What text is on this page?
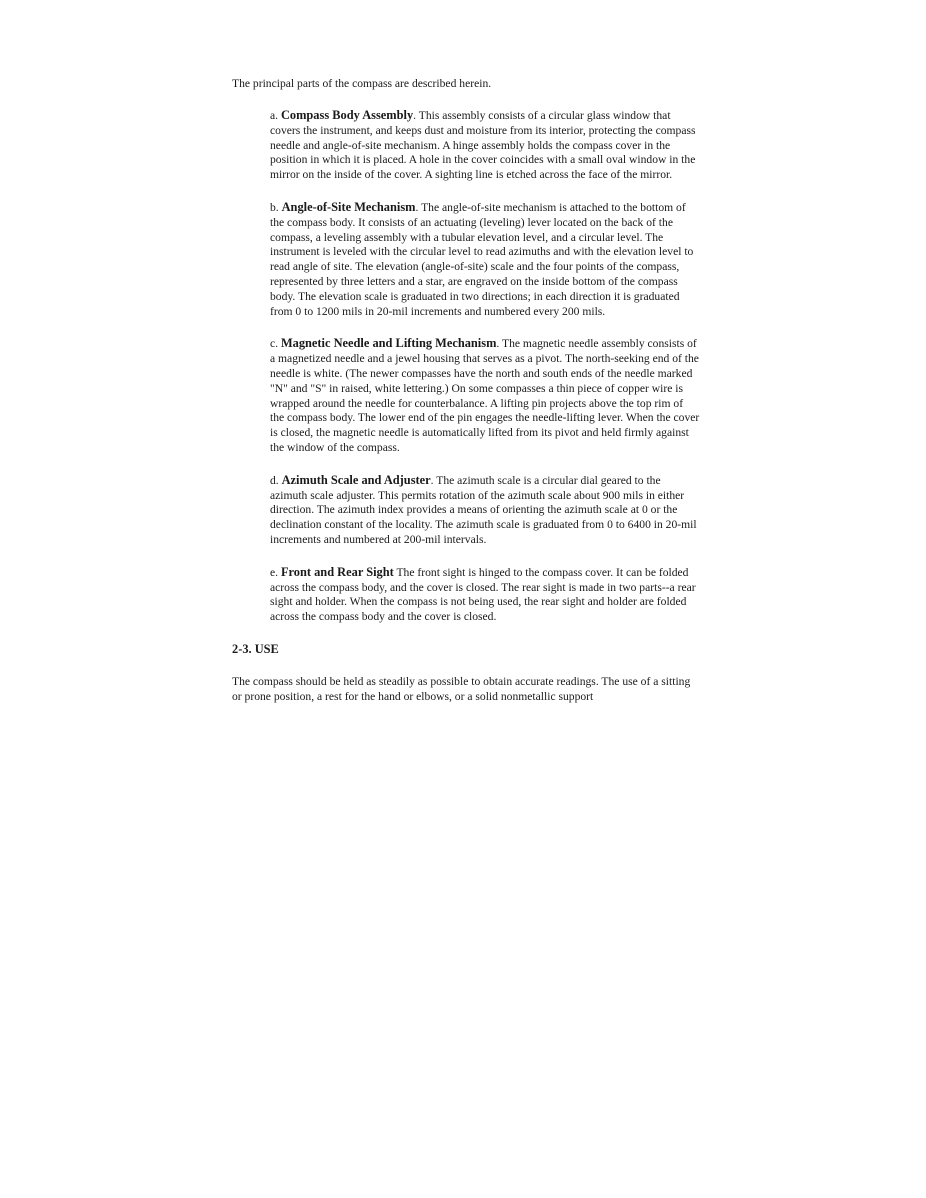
The principal parts of the compass are described herein.

a. Compass Body Assembly. This assembly consists of a circular glass window that covers the instrument, and keeps dust and moisture from its interior, protecting the compass needle and angle-of-site mechanism. A hinge assembly holds the compass cover in the position in which it is placed. A hole in the cover coincides with a small oval window in the mirror on the inside of the cover. A sighting line is etched across the face of the mirror.

b. Angle-of-Site Mechanism. The angle-of-site mechanism is attached to the bottom of the compass body. It consists of an actuating (leveling) lever located on the back of the compass, a leveling assembly with a tubular elevation level, and a circular level. The instrument is leveled with the circular level to read azimuths and with the elevation level to read angle of site. The elevation (angle-of-site) scale and the four points of the compass, represented by three letters and a star, are engraved on the inside bottom of the compass body. The elevation scale is graduated in two directions; in each direction it is graduated from 0 to 1200 mils in 20-mil increments and numbered every 200 mils.

c. Magnetic Needle and Lifting Mechanism. The magnetic needle assembly consists of a magnetized needle and a jewel housing that serves as a pivot. The north-seeking end of the needle is white. (The newer compasses have the north and south ends of the needle marked "N" and "S" in raised, white lettering.) On some compasses a thin piece of copper wire is wrapped around the needle for counterbalance. A lifting pin projects above the top rim of the compass body. The lower end of the pin engages the needle-lifting lever. When the cover is closed, the magnetic needle is automatically lifted from its pivot and held firmly against the window of the compass.

d. Azimuth Scale and Adjuster. The azimuth scale is a circular dial geared to the azimuth scale adjuster. This permits rotation of the azimuth scale about 900 mils in either direction. The azimuth index provides a means of orienting the azimuth scale at 0 or the declination constant of the locality. The azimuth scale is graduated from 0 to 6400 in 20-mil increments and numbered at 200-mil intervals.

e. Front and Rear Sight The front sight is hinged to the compass cover. It can be folded across the compass body, and the cover is closed. The rear sight is made in two parts--a rear sight and holder. When the compass is not being used, the rear sight and holder are folded across the compass body and the cover is closed.

2-3. USE

The compass should be held as steadily as possible to obtain accurate readings. The use of a sitting or prone position, a rest for the hand or elbows, or a solid nonmetallic support
